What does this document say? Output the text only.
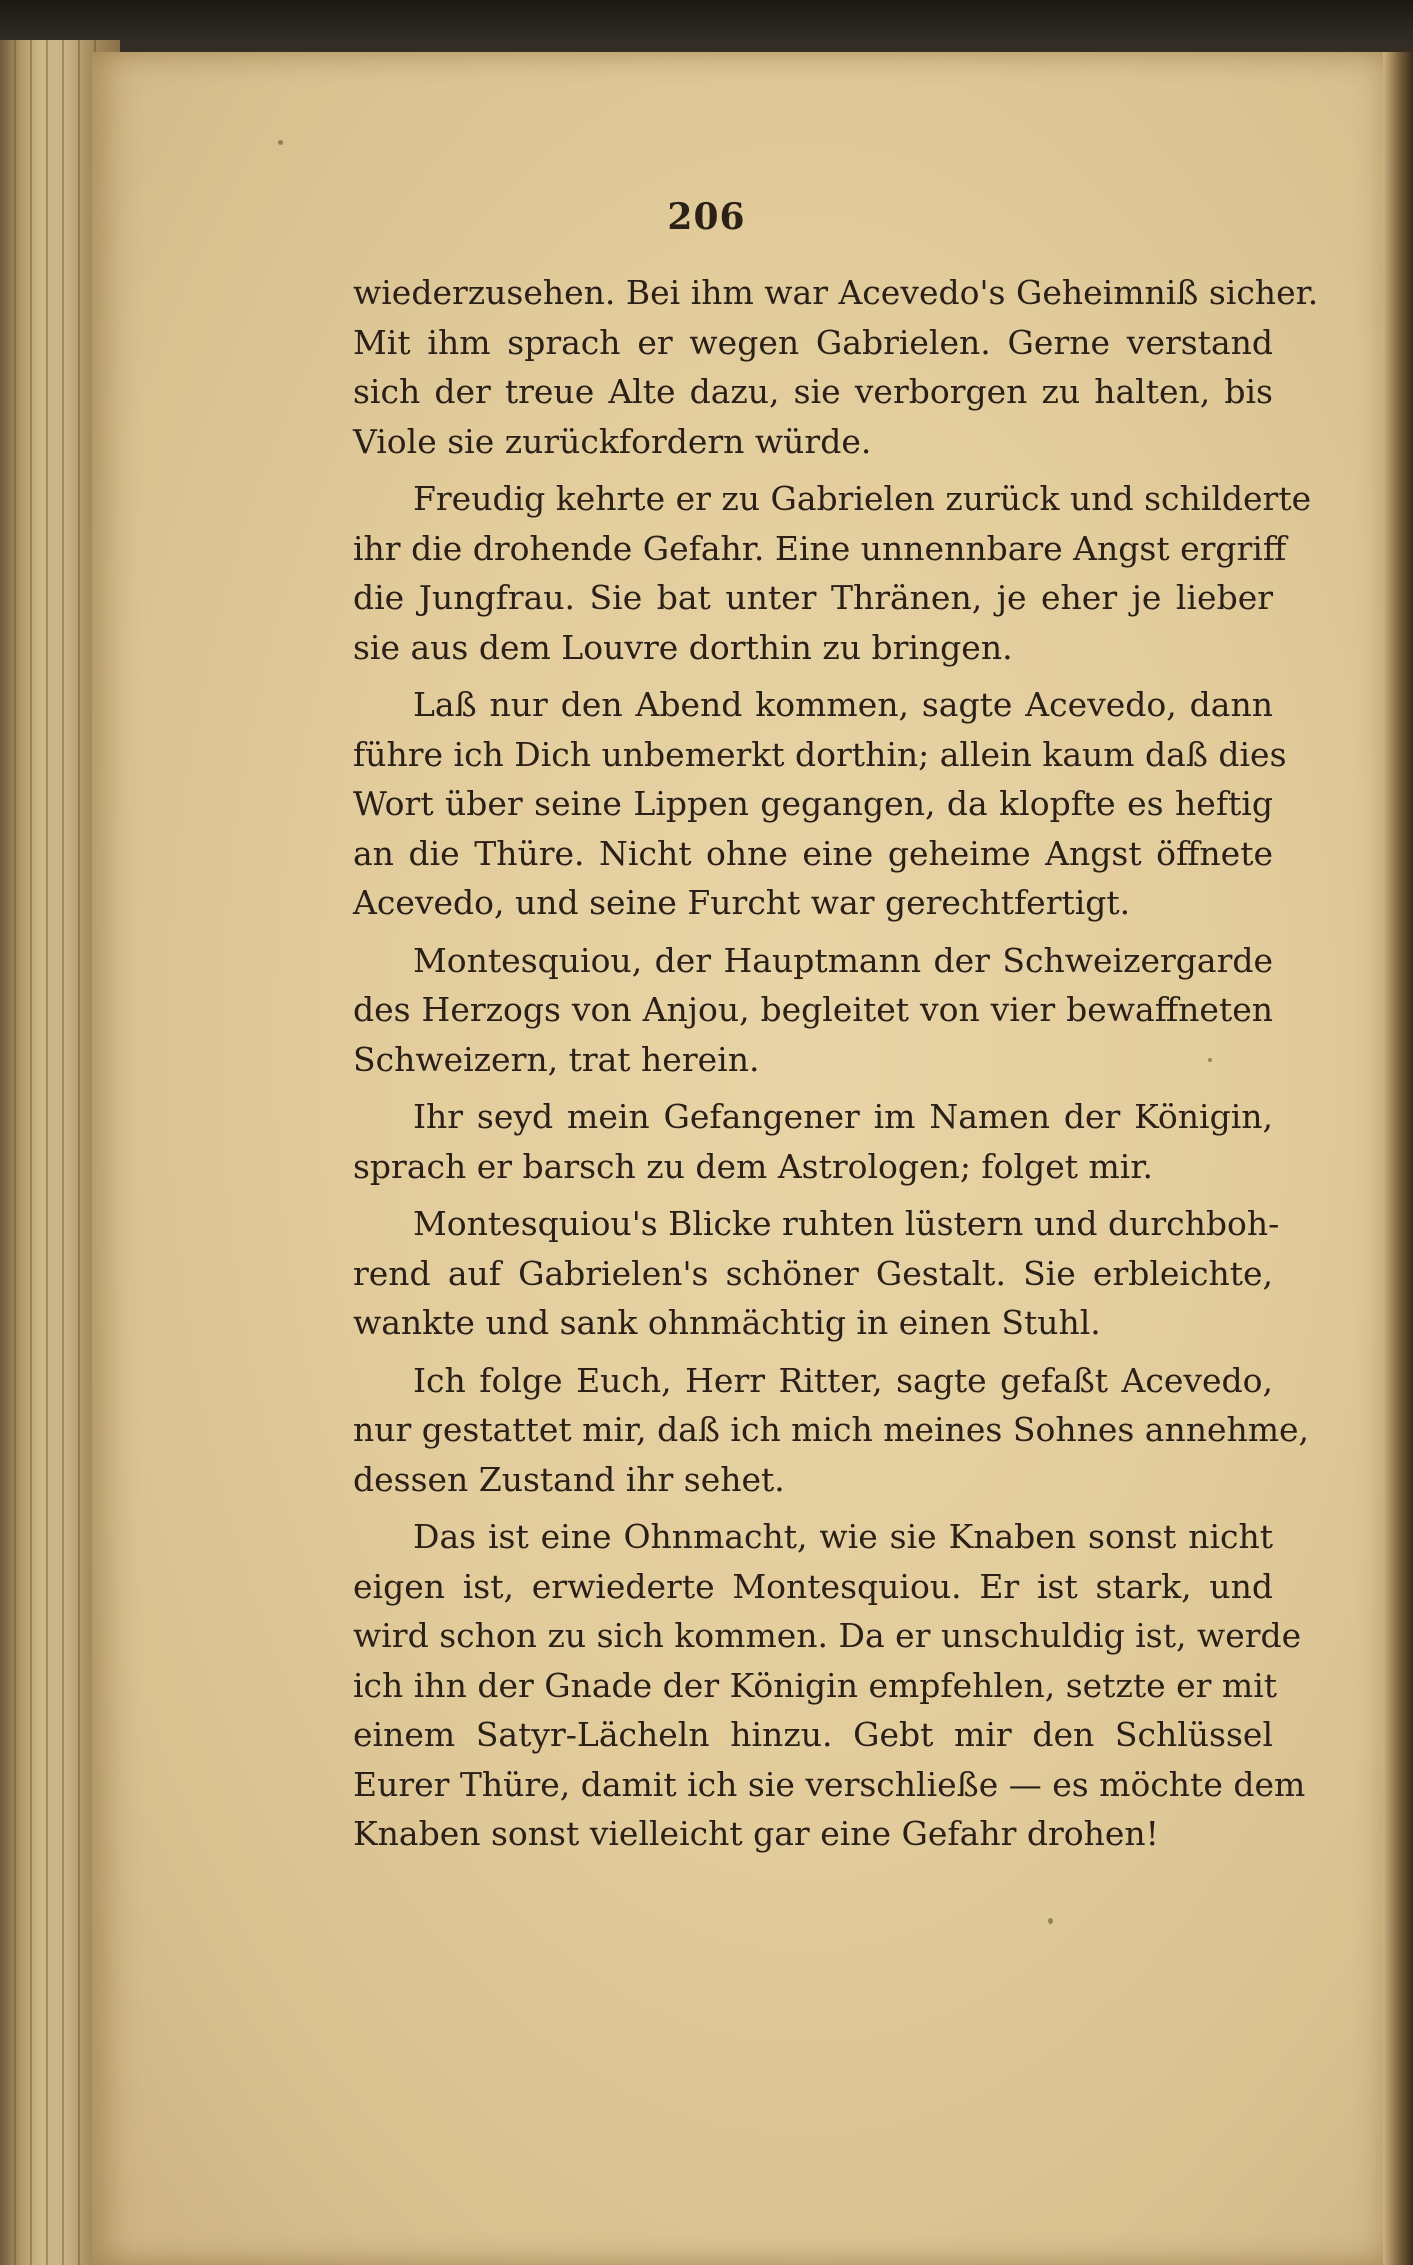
206
wiederzusehen. Bei ihm war Acevedo's Geheimniß sicher.
Mit ihm sprach er wegen Gabrielen. Gerne verstand
sich der treue Alte dazu, sie verborgen zu halten, bis
Viole sie zurückfordern würde.
Freudig kehrte er zu Gabrielen zurück und schilderte
ihr die drohende Gefahr. Eine unnennbare Angst ergriff
die Jungfrau. Sie bat unter Thränen, je eher je lieber
sie aus dem Louvre dorthin zu bringen.
Laß nur den Abend kommen, sagte Acevedo, dann
führe ich Dich unbemerkt dorthin; allein kaum daß dies
Wort über seine Lippen gegangen, da klopfte es heftig
an die Thüre. Nicht ohne eine geheime Angst öffnete
Acevedo, und seine Furcht war gerechtfertigt.
Montesquiou, der Hauptmann der Schweizergarde
des Herzogs von Anjou, begleitet von vier bewaffneten
Schweizern, trat herein.
Ihr seyd mein Gefangener im Namen der Königin,
sprach er barsch zu dem Astrologen; folget mir.
Montesquiou's Blicke ruhten lüstern und durchboh-
rend auf Gabrielen's schöner Gestalt. Sie erbleichte,
wankte und sank ohnmächtig in einen Stuhl.
Ich folge Euch, Herr Ritter, sagte gefaßt Acevedo,
nur gestattet mir, daß ich mich meines Sohnes annehme,
dessen Zustand ihr sehet.
Das ist eine Ohnmacht, wie sie Knaben sonst nicht
eigen ist, erwiederte Montesquiou. Er ist stark, und
wird schon zu sich kommen. Da er unschuldig ist, werde
ich ihn der Gnade der Königin empfehlen, setzte er mit
einem Satyr-Lächeln hinzu. Gebt mir den Schlüssel
Eurer Thüre, damit ich sie verschließe — es möchte dem
Knaben sonst vielleicht gar eine Gefahr drohen!
